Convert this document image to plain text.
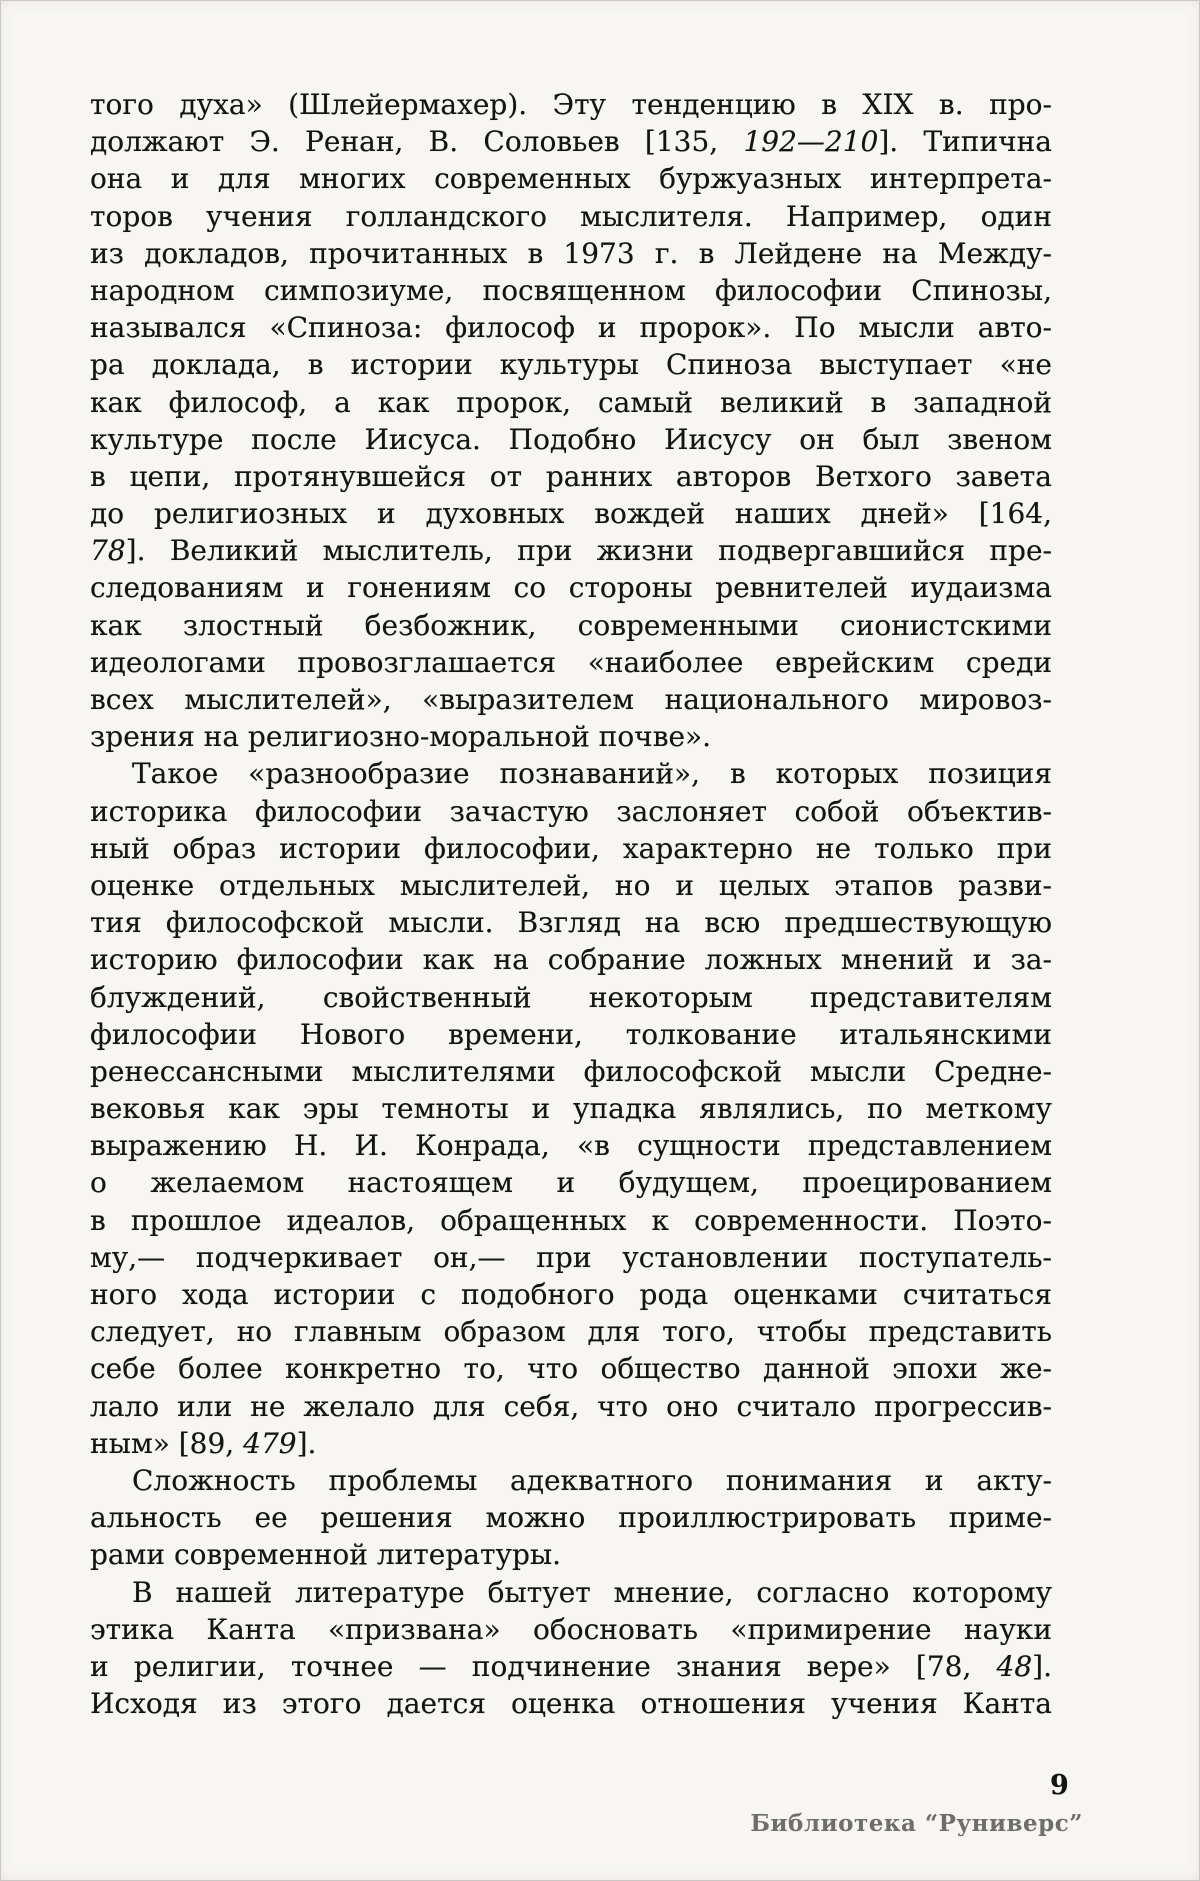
того духа» (Шлейермахер). Эту тенденцию в XIX в. про-
должают Э. Ренан, В. Соловьев [135, 192—210]. Типична
она и для многих современных буржуазных интерпрета-
торов учения голландского мыслителя. Например, один
из докладов, прочитанных в 1973 г. в Лейдене на Между-
народном симпозиуме, посвященном философии Спинозы,
назывался «Спиноза: философ и пророк». По мысли авто-
ра доклада, в истории культуры Спиноза выступает «не
как философ, а как пророк, самый великий в западной
культуре после Иисуса. Подобно Иисусу он был звеном
в цепи, протянувшейся от ранних авторов Ветхого завета
до религиозных и духовных вождей наших дней» [164,
78]. Великий мыслитель, при жизни подвергавшийся пре-
следованиям и гонениям со стороны ревнителей иудаизма
как злостный безбожник, современными сионистскими
идеологами провозглашается «наиболее еврейским среди
всех мыслителей», «выразителем национального мировоз-
зрения на религиозно-моральной почве».
Такое «разнообразие познаваний», в которых позиция
историка философии зачастую заслоняет собой объектив-
ный образ истории философии, характерно не только при
оценке отдельных мыслителей, но и целых этапов разви-
тия философской мысли. Взгляд на всю предшествующую
историю философии как на собрание ложных мнений и за-
блуждений, свойственный некоторым представителям
философии Нового времени, толкование итальянскими
ренессансными мыслителями философской мысли Средне-
вековья как эры темноты и упадка являлись, по меткому
выражению Н. И. Конрада, «в сущности представлением
о желаемом настоящем и будущем, проецированием
в прошлое идеалов, обращенных к современности. Поэто-
му,— подчеркивает он,— при установлении поступатель-
ного хода истории с подобного рода оценками считаться
следует, но главным образом для того, чтобы представить
себе более конкретно то, что общество данной эпохи же-
лало или не желало для себя, что оно считало прогрессив-
ным» [89, 479].
Сложность проблемы адекватного понимания и акту-
альность ее решения можно проиллюстрировать приме-
рами современной литературы.
В нашей литературе бытует мнение, согласно которому
этика Канта «призвана» обосновать «примирение науки
и религии, точнее — подчинение знания вере» [78, 48].
Исходя из этого дается оценка отношения учения Канта
9
Библиотека “Руниверс”
